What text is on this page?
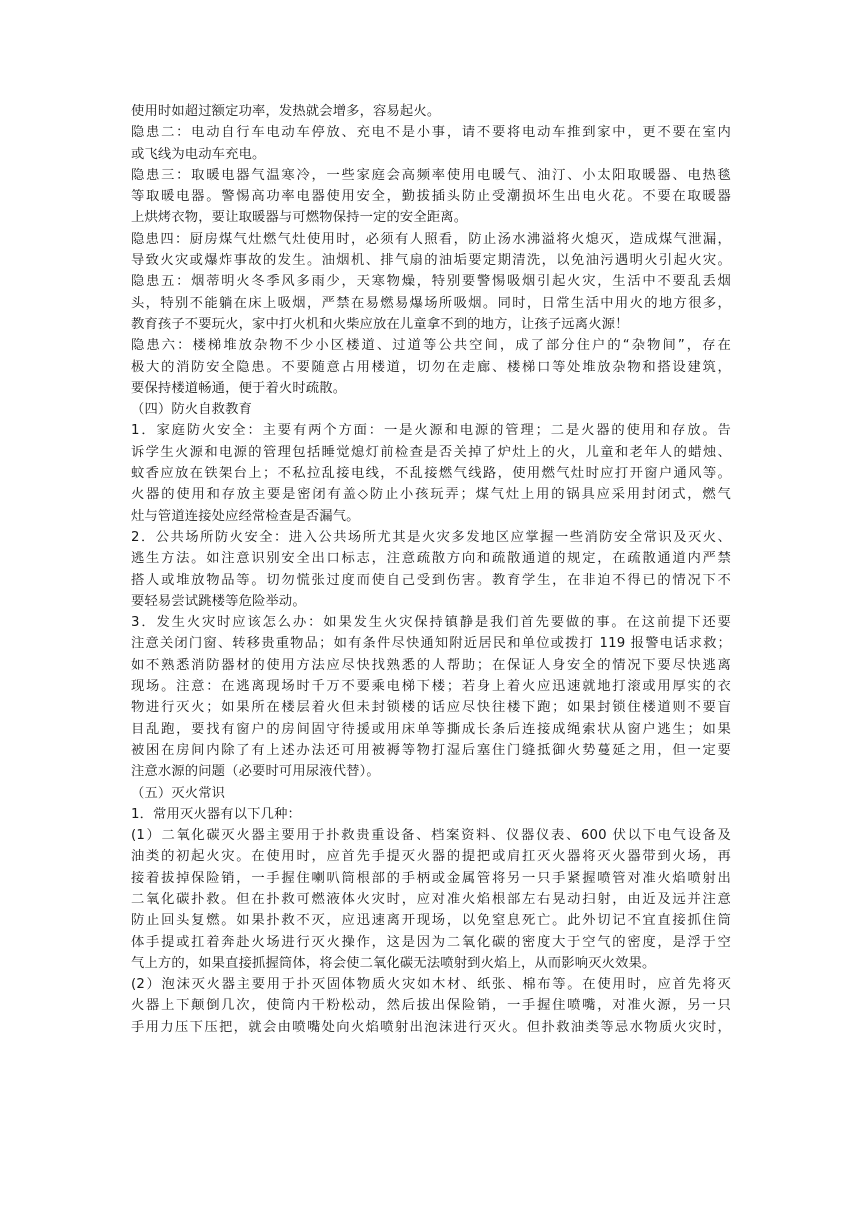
使用时如超过额定功率，发热就会增多，容易起火。
隐患二：电动自行车电动车停放、充电不是小事，请不要将电动车推到家中，更不要在室内
或飞线为电动车充电。
隐患三：取暖电器气温寒冷，一些家庭会高频率使用电暖气、油汀、小太阳取暖器、电热毯
等取暖电器。警惕高功率电器使用安全，勤拔插头防止受潮损坏生出电火花。不要在取暖器
上烘烤衣物，要让取暖器与可燃物保持一定的安全距离。
隐患四：厨房煤气灶燃气灶使用时，必须有人照看，防止汤水沸溢将火熄灭，造成煤气泄漏，
导致火灾或爆炸事故的发生。油烟机、排气扇的油垢要定期清洗，以免油污遇明火引起火灾。
隐患五：烟蒂明火冬季风多雨少，天寒物燥，特别要警惕吸烟引起火灾，生活中不要乱丢烟
头，特别不能躺在床上吸烟，严禁在易燃易爆场所吸烟。同时，日常生活中用火的地方很多，
教育孩子不要玩火，家中打火机和火柴应放在儿童拿不到的地方，让孩子远离火源！
隐患六：楼梯堆放杂物不少小区楼道、过道等公共空间，成了部分住户的“杂物间”，存在
极大的消防安全隐患。不要随意占用楼道，切勿在走廊、楼梯口等处堆放杂物和搭设建筑，
要保持楼道畅通，便于着火时疏散。
（四）防火自救教育
1．家庭防火安全：主要有两个方面：一是火源和电源的管理；二是火器的使用和存放。告
诉学生火源和电源的管理包括睡觉熄灯前检查是否关掉了炉灶上的火，儿童和老年人的蜡烛、
蚊香应放在铁架台上；不私拉乱接电线，不乱接燃气线路，使用燃气灶时应打开窗户通风等。
火器的使用和存放主要是密闭有盖◇防止小孩玩弄；煤气灶上用的锅具应采用封闭式，燃气
灶与管道连接处应经常检查是否漏气。
2．公共场所防火安全：进入公共场所尤其是火灾多发地区应掌握一些消防安全常识及灭火、
逃生方法。如注意识别安全出口标志，注意疏散方向和疏散通道的规定，在疏散通道内严禁
搭人或堆放物品等。切勿慌张过度而使自己受到伤害。教育学生，在非迫不得已的情况下不
要轻易尝试跳楼等危险举动。
3．发生火灾时应该怎么办：如果发生火灾保持镇静是我们首先要做的事。在这前提下还要
注意关闭门窗、转移贵重物品；如有条件尽快通知附近居民和单位或拨打 119 报警电话求救；
如不熟悉消防器材的使用方法应尽快找熟悉的人帮助；在保证人身安全的情况下要尽快逃离
现场。注意：在逃离现场时千万不要乘电梯下楼；若身上着火应迅速就地打滚或用厚实的衣
物进行灭火；如果所在楼层着火但未封锁楼的话应尽快往楼下跑；如果封锁住楼道则不要盲
目乱跑，要找有窗户的房间固守待援或用床单等撕成长条后连接成绳索状从窗户逃生；如果
被困在房间内除了有上述办法还可用被褥等物打湿后塞住门缝抵御火势蔓延之用，但一定要
注意水源的问题（必要时可用尿液代替）。
（五）灭火常识
1．常用灭火器有以下几种：
(1）二氧化碳灭火器主要用于扑救贵重设备、档案资料、仪器仪表、600 伏以下电气设备及
油类的初起火灾。在使用时，应首先手提灭火器的提把或肩扛灭火器将灭火器带到火场，再
接着拔掉保险销，一手握住喇叭筒根部的手柄或金属管将另一只手紧握喷管对准火焰喷射出
二氧化碳扑救。但在扑救可燃液体火灾时，应对准火焰根部左右晃动扫射，由近及远并注意
防止回头复燃。如果扑救不灭，应迅速离开现场，以免窒息死亡。此外切记不宜直接抓住筒
体手提或扛着奔赴火场进行灭火操作，这是因为二氧化碳的密度大于空气的密度，是浮于空
气上方的，如果直接抓握筒体，将会使二氧化碳无法喷射到火焰上，从而影响灭火效果。
(2）泡沫灭火器主要用于扑灭固体物质火灾如木材、纸张、棉布等。在使用时，应首先将灭
火器上下颠倒几次，使筒内干粉松动，然后拔出保险销，一手握住喷嘴，对准火源，另一只
手用力压下压把，就会由喷嘴处向火焰喷射出泡沫进行灭火。但扑救油类等忌水物质火灾时，
